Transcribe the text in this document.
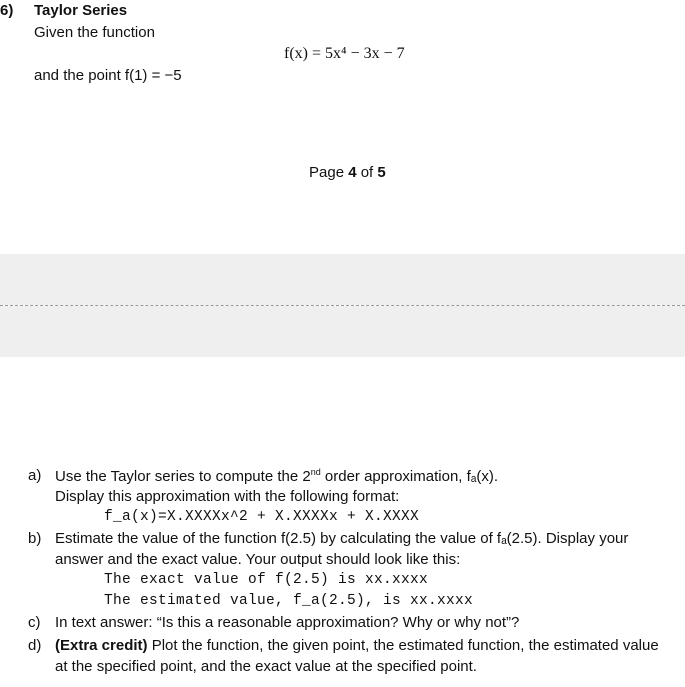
6) Taylor Series
Given the function
f(x) = 5x⁴ − 3x − 7
and the point f(1) = −5
Page 4 of 5
a) Use the Taylor series to compute the 2nd order approximation, fₐ(x).
Display this approximation with the following format:
f_a(x)=X.XXXXx^2 + X.XXXXx + X.XXXX
b) Estimate the value of the function f(2.5) by calculating the value of fₐ(2.5). Display your
answer and the exact value. Your output should look like this:
The exact value of f(2.5) is xx.xxxx
The estimated value, f_a(2.5), is xx.xxxx
c) In text answer: “Is this a reasonable approximation? Why or why not”?
d) (Extra credit) Plot the function, the given point, the estimated function, the estimated value
at the specified point, and the exact value at the specified point.
